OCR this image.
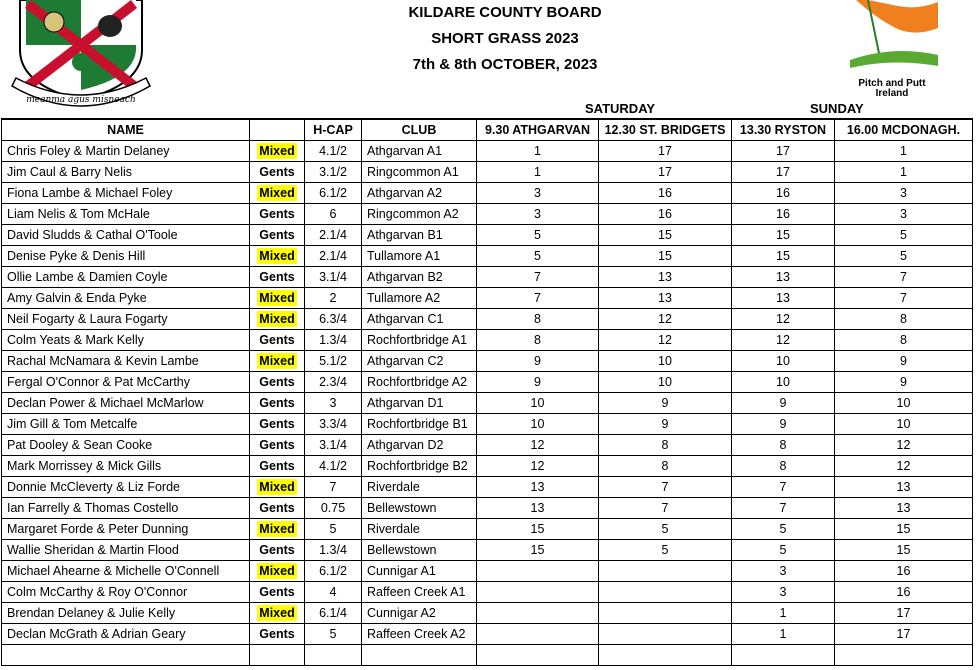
meanma agus misneach
Pitch and Putt
Ireland
KILDARE COUNTY BOARD
SHORT GRASS 2023
7th & 8th OCTOBER, 2023
SATURDAY	SUNDAY
NAME		H-CAP	CLUB	9.30 ATHGARVAN	12.30 ST. BRIDGETS	13.30 RYSTON	16.00 MCDONAGH.
Chris Foley & Martin Delaney	Mixed	4.1/2	Athgarvan A1	1	17	17	1
Jim Caul & Barry Nelis	Gents	3.1/2	Ringcommon A1	1	17	17	1
Fiona Lambe & Michael Foley	Mixed	6.1/2	Athgarvan A2	3	16	16	3
Liam Nelis & Tom McHale	Gents	6	Ringcommon A2	3	16	16	3
David Sludds & Cathal O'Toole	Gents	2.1/4	Athgarvan B1	5	15	15	5
Denise Pyke & Denis Hill	Mixed	2.1/4	Tullamore A1	5	15	15	5
Ollie Lambe & Damien Coyle	Gents	3.1/4	Athgarvan B2	7	13	13	7
Amy Galvin & Enda Pyke	Mixed	2	Tullamore A2	7	13	13	7
Neil Fogarty & Laura Fogarty	Mixed	6.3/4	Athgarvan C1	8	12	12	8
Colm Yeats & Mark Kelly	Gents	1.3/4	Rochfortbridge A1	8	12	12	8
Rachal McNamara & Kevin Lambe	Mixed	5.1/2	Athgarvan C2	9	10	10	9
Fergal O'Connor & Pat McCarthy	Gents	2.3/4	Rochfortbridge A2	9	10	10	9
Declan Power & Michael McMarlow	Gents	3	Athgarvan D1	10	9	9	10
Jim Gill & Tom Metcalfe	Gents	3.3/4	Rochfortbridge B1	10	9	9	10
Pat Dooley & Sean Cooke	Gents	3.1/4	Athgarvan D2	12	8	8	12
Mark Morrissey & Mick Gills	Gents	4.1/2	Rochfortbridge B2	12	8	8	12
Donnie McCleverty & Liz Forde	Mixed	7	Riverdale	13	7	7	13
Ian Farrelly & Thomas Costello	Gents	0.75	Bellewstown	13	7	7	13
Margaret Forde & Peter Dunning	Mixed	5	Riverdale	15	5	5	15
Wallie Sheridan & Martin Flood	Gents	1.3/4	Bellewstown	15	5	5	15
Michael Ahearne & Michelle O'Connell	Mixed	6.1/2	Cunnigar A1			3	16
Colm McCarthy & Roy O'Connor	Gents	4	Raffeen Creek A1			3	16
Brendan Delaney & Julie Kelly	Mixed	6.1/4	Cunnigar A2			1	17
Declan McGrath & Adrian Geary	Gents	5	Raffeen Creek A2			1	17
